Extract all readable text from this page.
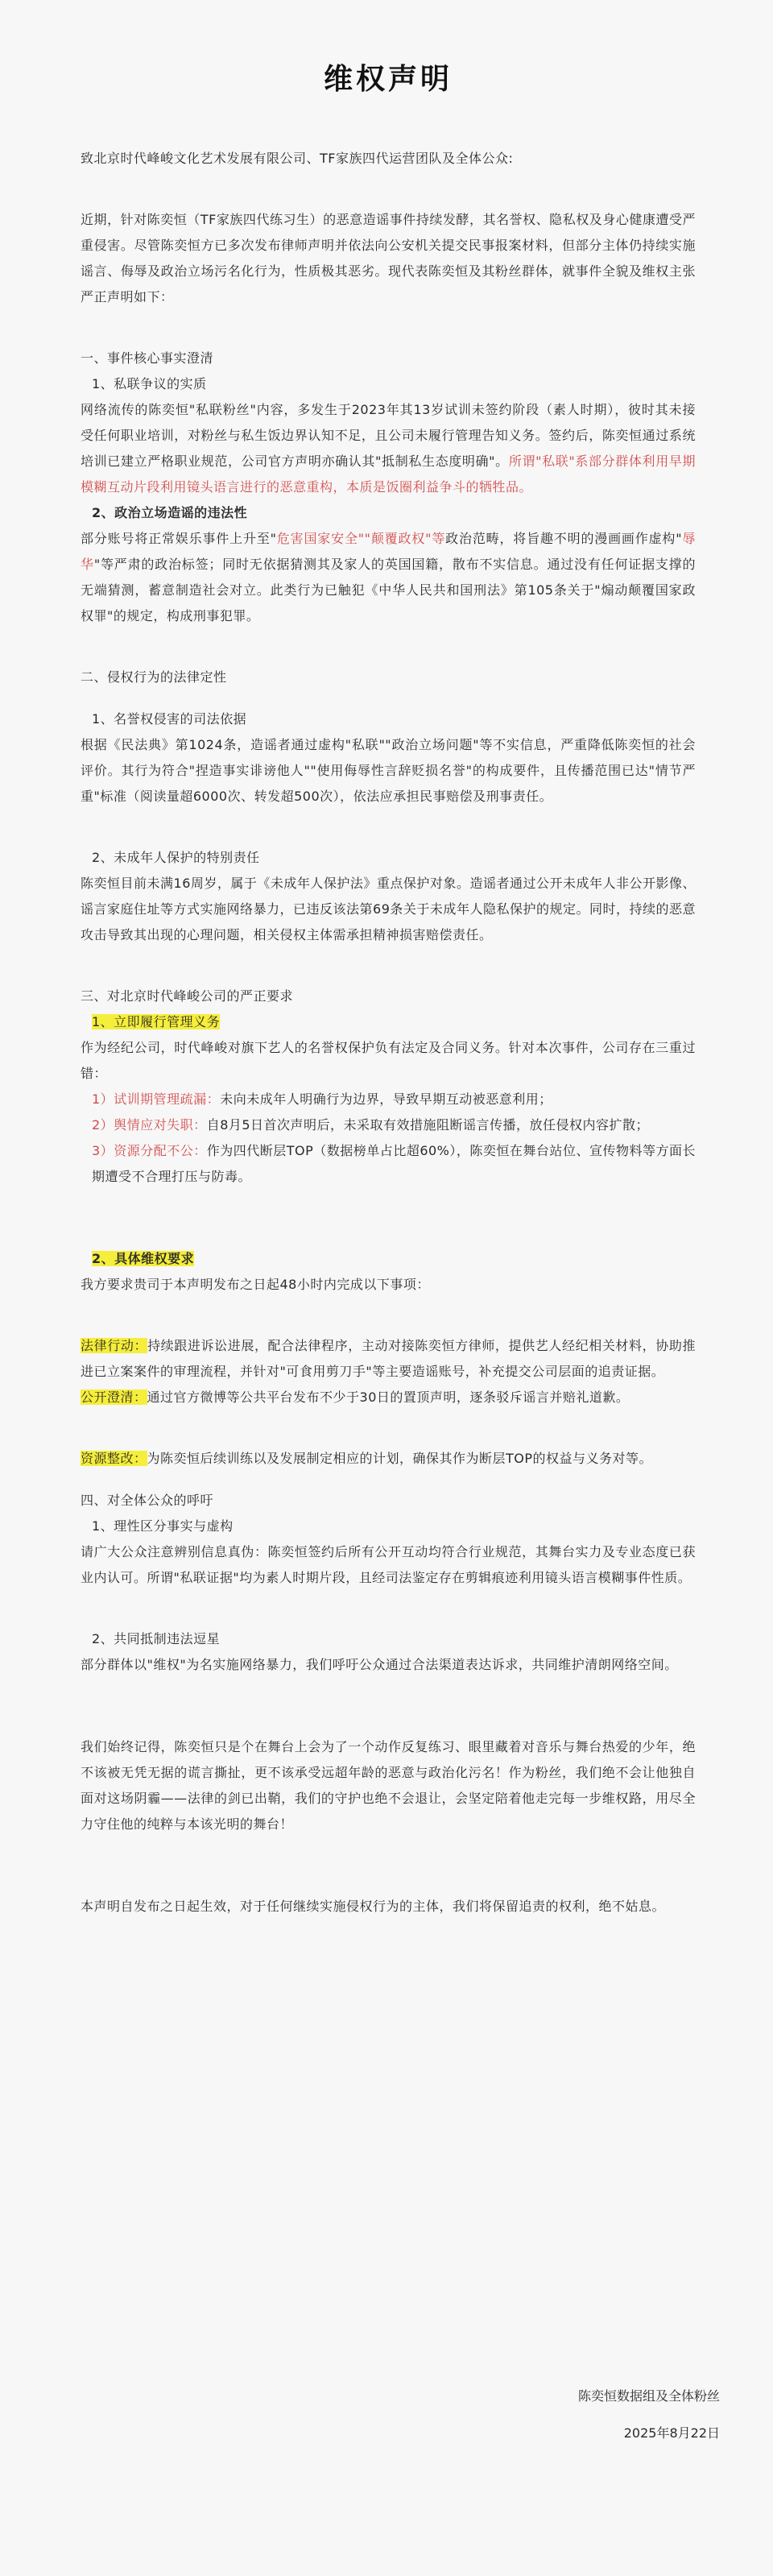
维权声明

致北京时代峰峻文化艺术发展有限公司、TF家族四代运营团队及全体公众:

近期，针对陈奕恒（TF家族四代练习生）的恶意造谣事件持续发酵，其名誉权、隐私权及身心健康遭受严重侵害。尽管陈奕恒方已多次发布律师声明并依法向公安机关提交民事报案材料，但部分主体仍持续实施谣言、侮辱及政治立场污名化行为，性质极其恶劣。现代表陈奕恒及其粉丝群体，就事件全貌及维权主张严正声明如下：

一、事件核心事实澄清

1、私联争议的实质

网络流传的陈奕恒"私联粉丝"内容，多发生于2023年其13岁试训未签约阶段（素人时期），彼时其未接受任何职业培训，对粉丝与私生饭边界认知不足，且公司未履行管理告知义务。签约后，陈奕恒通过系统培训已建立严格职业规范，公司官方声明亦确认其"抵制私生态度明确"。所谓"私联"系部分群体利用早期模糊互动片段利用镜头语言进行的恶意重构，本质是饭圈利益争斗的牺牲品。

2、政治立场造谣的违法性

部分账号将正常娱乐事件上升至"危害国家安全""颠覆政权"等政治范畴，将旨趣不明的漫画画作虚构"辱华"等严肃的政治标签；同时无依据猜测其及家人的英国国籍，散布不实信息。通过没有任何证据支撑的无端猜测，蓄意制造社会对立。此类行为已触犯《中华人民共和国刑法》第105条关于"煽动颠覆国家政权罪"的规定，构成刑事犯罪。

二、侵权行为的法律定性

1、名誉权侵害的司法依据

根据《民法典》第1024条，造谣者通过虚构"私联""政治立场问题"等不实信息，严重降低陈奕恒的社会评价。其行为符合"捏造事实诽谤他人""使用侮辱性言辞贬损名誉"的构成要件，且传播范围已达"情节严重"标准（阅读量超6000次、转发超500次），依法应承担民事赔偿及刑事责任。

2、未成年人保护的特别责任

陈奕恒目前未满16周岁，属于《未成年人保护法》重点保护对象。造谣者通过公开未成年人非公开影像、谣言家庭住址等方式实施网络暴力，已违反该法第69条关于未成年人隐私保护的规定。同时，持续的恶意攻击导致其出现的心理问题，相关侵权主体需承担精神损害赔偿责任。

三、对北京时代峰峻公司的严正要求

1、立即履行管理义务

作为经纪公司，时代峰峻对旗下艺人的名誉权保护负有法定及合同义务。针对本次事件，公司存在三重过错：

1）试训期管理疏漏：未向未成年人明确行为边界，导致早期互动被恶意利用；

2）舆情应对失职：自8月5日首次声明后，未采取有效措施阻断谣言传播，放任侵权内容扩散；

3）资源分配不公：作为四代断层TOP（数据榜单占比超60%），陈奕恒在舞台站位、宣传物料等方面长期遭受不合理打压与防毒。

2、具体维权要求

我方要求贵司于本声明发布之日起48小时内完成以下事项：

法律行动：持续跟进诉讼进展，配合法律程序，主动对接陈奕恒方律师，提供艺人经纪相关材料，协助推进已立案案件的审理流程，并针对"可食用剪刀手"等主要造谣账号，补充提交公司层面的追责证据。

公开澄清：通过官方微博等公共平台发布不少于30日的置顶声明，逐条驳斥谣言并赔礼道歉。

资源整改：为陈奕恒后续训练以及发展制定相应的计划，确保其作为断层TOP的权益与义务对等。

四、对全体公众的呼吁

1、理性区分事实与虚构

请广大公众注意辨别信息真伪：陈奕恒签约后所有公开互动均符合行业规范，其舞台实力及专业态度已获业内认可。所谓"私联证据"均为素人时期片段，且经司法鉴定存在剪辑痕迹利用镜头语言模糊事件性质。

2、共同抵制违法逗星

部分群体以"维权"为名实施网络暴力，我们呼吁公众通过合法渠道表达诉求，共同维护清朗网络空间。

我们始终记得，陈奕恒只是个在舞台上会为了一个动作反复练习、眼里藏着对音乐与舞台热爱的少年，绝不该被无凭无据的谎言撕扯，更不该承受远超年龄的恶意与政治化污名！作为粉丝，我们绝不会让他独自面对这场阴霾——法律的剑已出鞘，我们的守护也绝不会退让，会坚定陪着他走完每一步维权路，用尽全力守住他的纯粹与本该光明的舞台！

本声明自发布之日起生效，对于任何继续实施侵权行为的主体，我们将保留追责的权利，绝不姑息。

陈奕恒数据组及全体粉丝
2025年8月22日
